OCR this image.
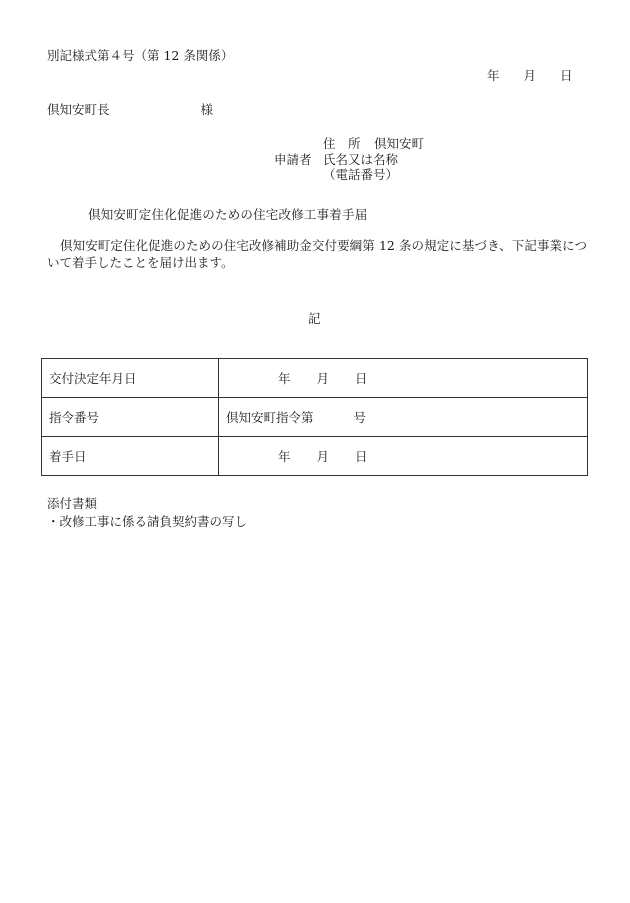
別記様式第４号（第 12 条関係）
年 月 日
倶知安町長	様
住　所	倶知安町
申請者 氏名又は名称
（電話番号）
倶知安町定住化促進のための住宅改修工事着手届
倶知安町定住化促進のための住宅改修補助金交付要綱第 12 条の規定に基づき、下記事業について着手したことを届け出ます。
記
交付決定年月日	年 月 日
指令番号	倶知安町指令第 号
着手日	年 月 日
添付書類
・改修工事に係る請負契約書の写し
